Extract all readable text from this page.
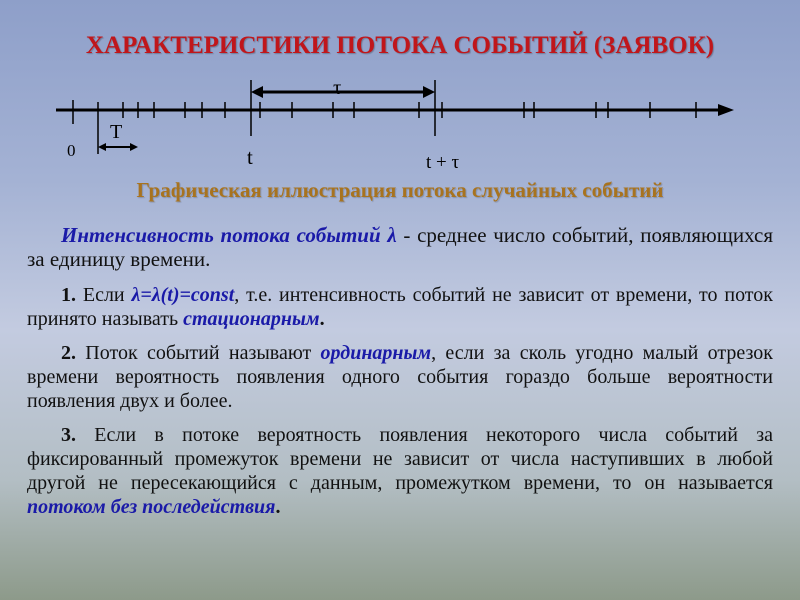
ХАРАКТЕРИСТИКИ ПОТОКА СОБЫТИЙ (ЗАЯВОК)
0
T
t
τ
t + τ
Графическая иллюстрация потока случайных событий

Интенсивность потока событий λ - среднее число событий, появляющихся за единицу времени.

1. Если λ=λ(t)=const, т.е. интенсивность событий не зависит от времени, то поток принято называть стационарным.

2. Поток событий называют ординарным, если за сколь угодно малый отрезок времени вероятность появления одного события гораздо больше вероятности появления двух и более.

3. Если в потоке вероятность появления некоторого числа событий за фиксированный промежуток времени не зависит от числа наступивших в любой другой не пересекающийся с данным, промежутком времени, то он называется потоком без последействия.
